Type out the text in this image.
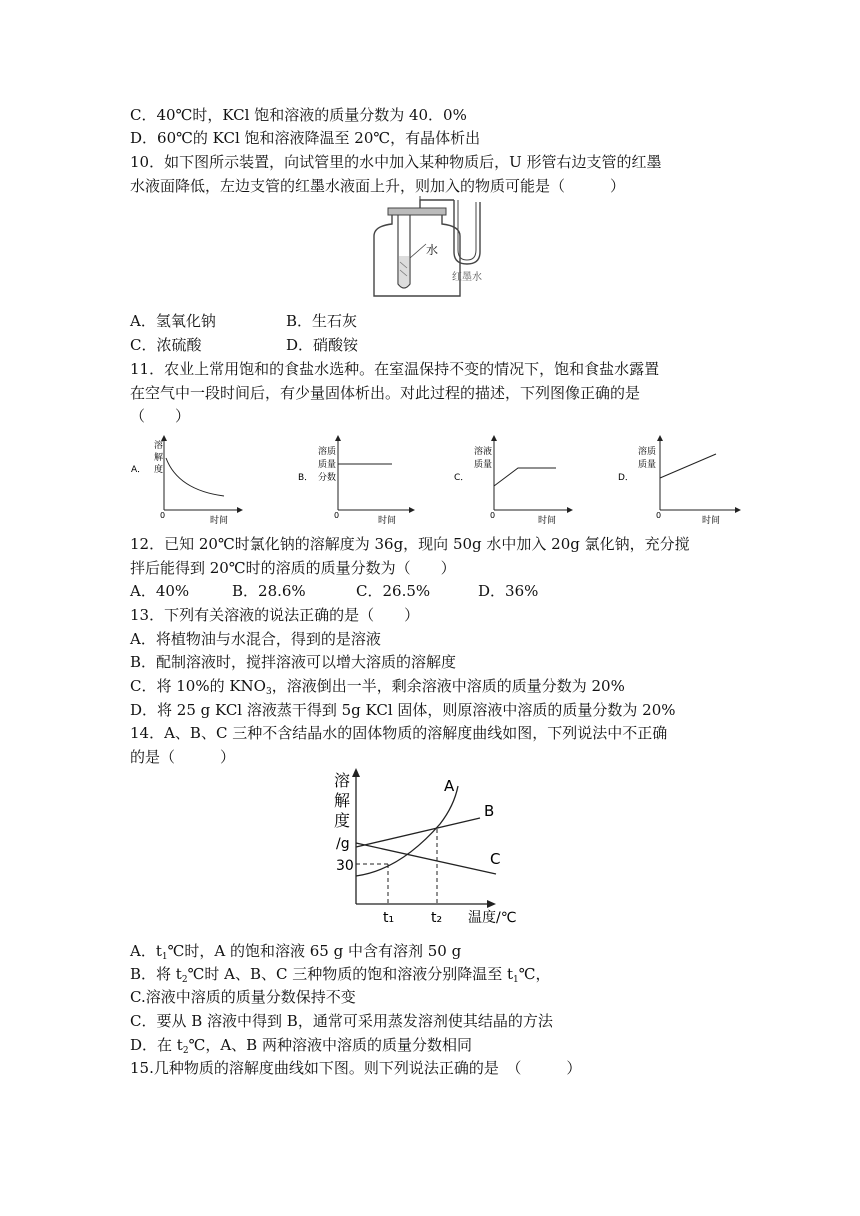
C．40℃时，KCl 饱和溶液的质量分数为 40．0%
D．60℃的 KCl 饱和溶液降温至 20℃，有晶体析出
10．如下图所示装置，向试管里的水中加入某种物质后，U 形管右边支管的红墨
水液面降低，左边支管的红墨水液面上升，则加入的物质可能是（　　　）
水
红墨水
A．氢氧化钠	B．生石灰
C．浓硫酸	D．硝酸铵
11．农业上常用饱和的食盐水选种。在室温保持不变的情况下，饱和食盐水露置
在空气中一段时间后，有少量固体析出。对此过程的描述，下列图像正确的是
（　　）
溶
解
A． 度
0
时间
溶质
质量
B． 分数
0
时间
溶液
质量
C．
0
时间
溶质
质量
D．
0
时间
12．已知 20℃时氯化钠的溶解度为 36g，现向 50g 水中加入 20g 氯化钠，充分搅
拌后能得到 20℃时的溶质的质量分数为（　　）
A．40%	B．28.6%	C．26.5%	D．36%
13．下列有关溶液的说法正确的是（　　）
A．将植物油与水混合，得到的是溶液
B．配制溶液时，搅拌溶液可以增大溶质的溶解度
C．将 10%的 $KNO_3$，溶液倒出一半，剩余溶液中溶质的质量分数为 20%
D．将 25 g KCl 溶液蒸干得到 5g KCl 固体，则原溶液中溶质的质量分数为 20%
14．A、B、C 三种不含结晶水的固体物质的溶解度曲线如图，下列说法中不正确
的是（　　　）
溶
解
度
/g
30
t₁	t₂ 温度/℃
A
B
C
A．$t_1℃$时，A 的饱和溶液 65 g 中含有溶剂 50 g
B．将 $t_2℃$时 A、B、C 三种物质的饱和溶液分别降温至 $t_1℃$，
C.溶液中溶质的质量分数保持不变
C．要从 B 溶液中得到 B，通常可采用蒸发溶剂使其结晶的方法
D．在 $t_2℃$，A、B 两种溶液中溶质的质量分数相同
15.几种物质的溶解度曲线如下图。则下列说法正确的是　（　　　）
